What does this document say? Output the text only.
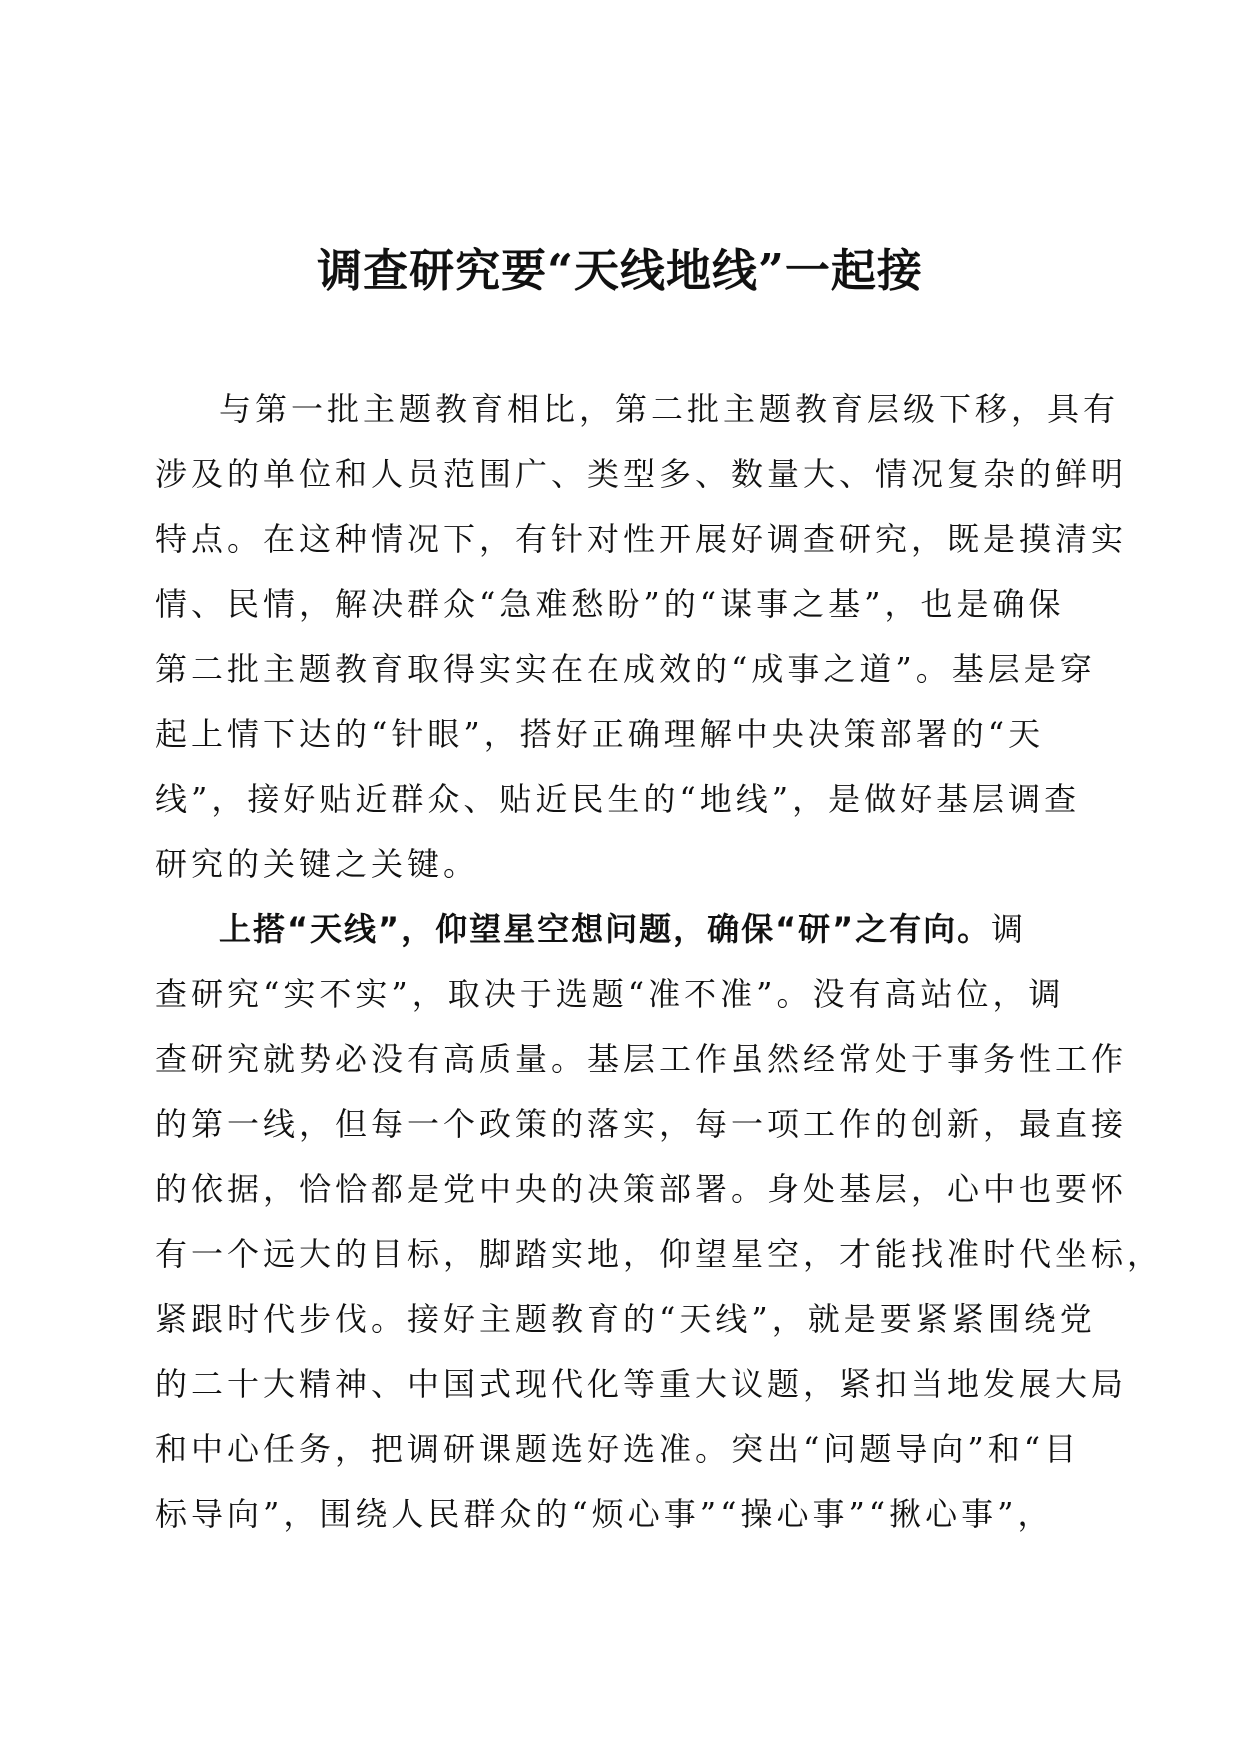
调查研究要“天线地线”一起接
与第一批主题教育相比，第二批主题教育层级下移，具有
涉及的单位和人员范围广、类型多、数量大、情况复杂的鲜明
特点。在这种情况下，有针对性开展好调查研究，既是摸清实
情、民情，解决群众“急难愁盼”的“谋事之基”，也是确保
第二批主题教育取得实实在在成效的“成事之道”。基层是穿
起上情下达的“针眼”，搭好正确理解中央决策部署的“天
线”，接好贴近群众、贴近民生的“地线”，是做好基层调查
研究的关键之关键。
上搭“天线”，仰望星空想问题，确保“研”之有向。调
查研究“实不实”，取决于选题“准不准”。没有高站位，调
查研究就势必没有高质量。基层工作虽然经常处于事务性工作
的第一线，但每一个政策的落实，每一项工作的创新，最直接
的依据，恰恰都是党中央的决策部署。身处基层，心中也要怀
有一个远大的目标，脚踏实地，仰望星空，才能找准时代坐标，
紧跟时代步伐。接好主题教育的“天线”，就是要紧紧围绕党
的二十大精神、中国式现代化等重大议题，紧扣当地发展大局
和中心任务，把调研课题选好选准。突出“问题导向”和“目
标导向”，围绕人民群众的“烦心事”“操心事”“揪心事”，
